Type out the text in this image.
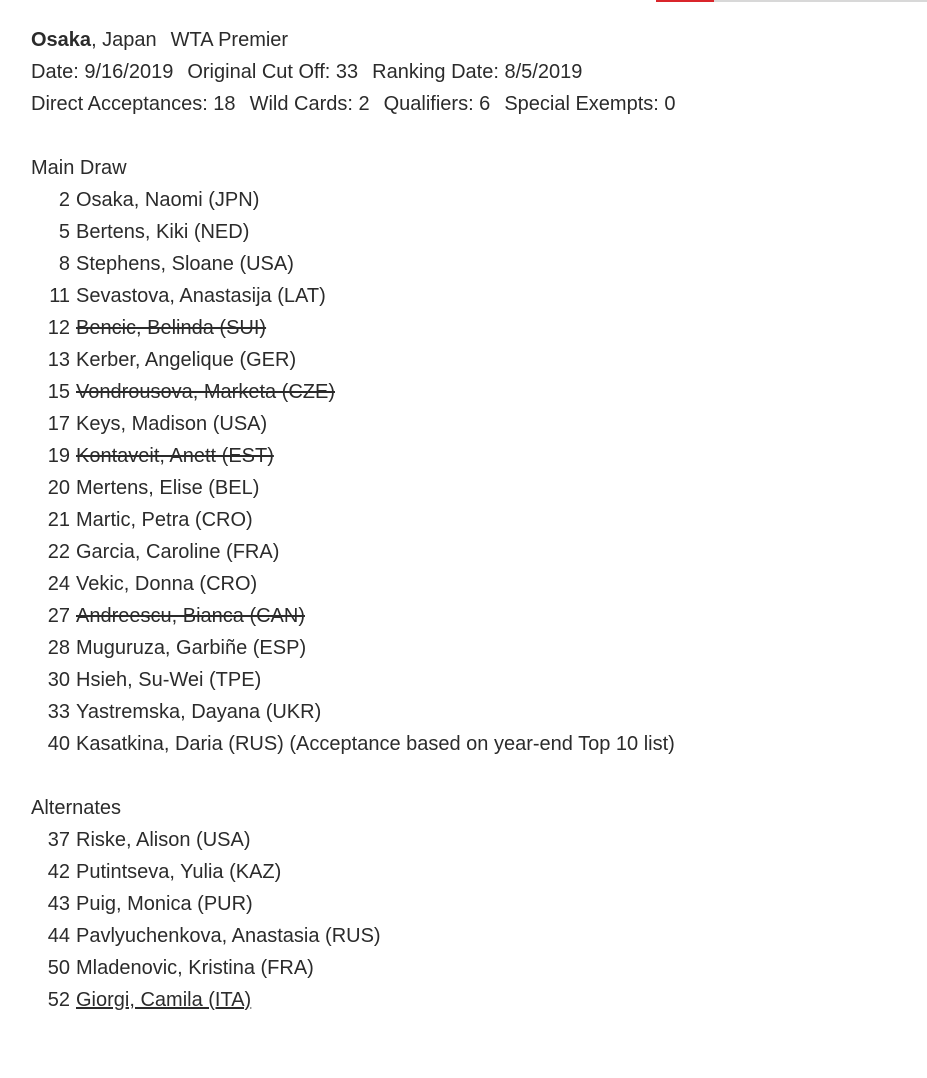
Osaka, Japan WTA Premier
Date: 9/16/2019 Original Cut Off: 33 Ranking Date: 8/5/2019
Direct Acceptances: 18 Wild Cards: 2 Qualifiers: 6 Special Exempts: 0
Main Draw
2 Osaka, Naomi (JPN)
5 Bertens, Kiki (NED)
8 Stephens, Sloane (USA)
11 Sevastova, Anastasija (LAT)
12 Bencic, Belinda (SUI)
13 Kerber, Angelique (GER)
15 Vondrousova, Marketa (CZE)
17 Keys, Madison (USA)
19 Kontaveit, Anett (EST)
20 Mertens, Elise (BEL)
21 Martic, Petra (CRO)
22 Garcia, Caroline (FRA)
24 Vekic, Donna (CRO)
27 Andreescu, Bianca (CAN)
28 Muguruza, Garbiñe (ESP)
30 Hsieh, Su-Wei (TPE)
33 Yastremska, Dayana (UKR)
40 Kasatkina, Daria (RUS) (Acceptance based on year-end Top 10 list)
Alternates
37 Riske, Alison (USA)
42 Putintseva, Yulia (KAZ)
43 Puig, Monica (PUR)
44 Pavlyuchenkova, Anastasia (RUS)
50 Mladenovic, Kristina (FRA)
52 Giorgi, Camila (ITA)
